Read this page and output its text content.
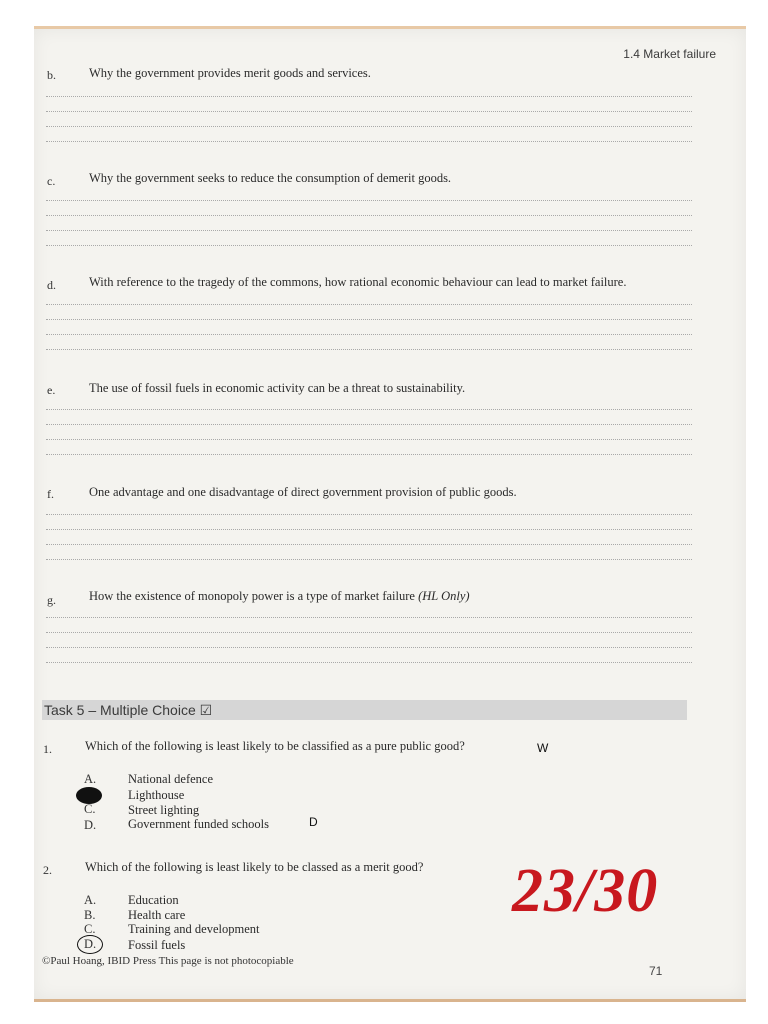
1.4 Market failure
b.	Why the government provides merit goods and services.
c.	Why the government seeks to reduce the consumption of demerit goods.
d.	With reference to the tragedy of the commons, how rational economic behaviour can lead to market failure.
e.	The use of fossil fuels in economic activity can be a threat to sustainability.
f.	One advantage and one disadvantage of direct government provision of public goods.
g.	How the existence of monopoly power is a type of market failure (HL Only)
Task 5 – Multiple Choice ☑
1.	Which of the following is least likely to be classified as a pure public good?	W
A.	National defence
Lighthouse
C.	Street lighting
D.	Government funded schools	D
2.	Which of the following is least likely to be classed as a merit good?
A.	Education
B.	Health care
C.	Training and development
D.	Fossil fuels
23/30
©Paul Hoang, IBID Press This page is not photocopiable
71
